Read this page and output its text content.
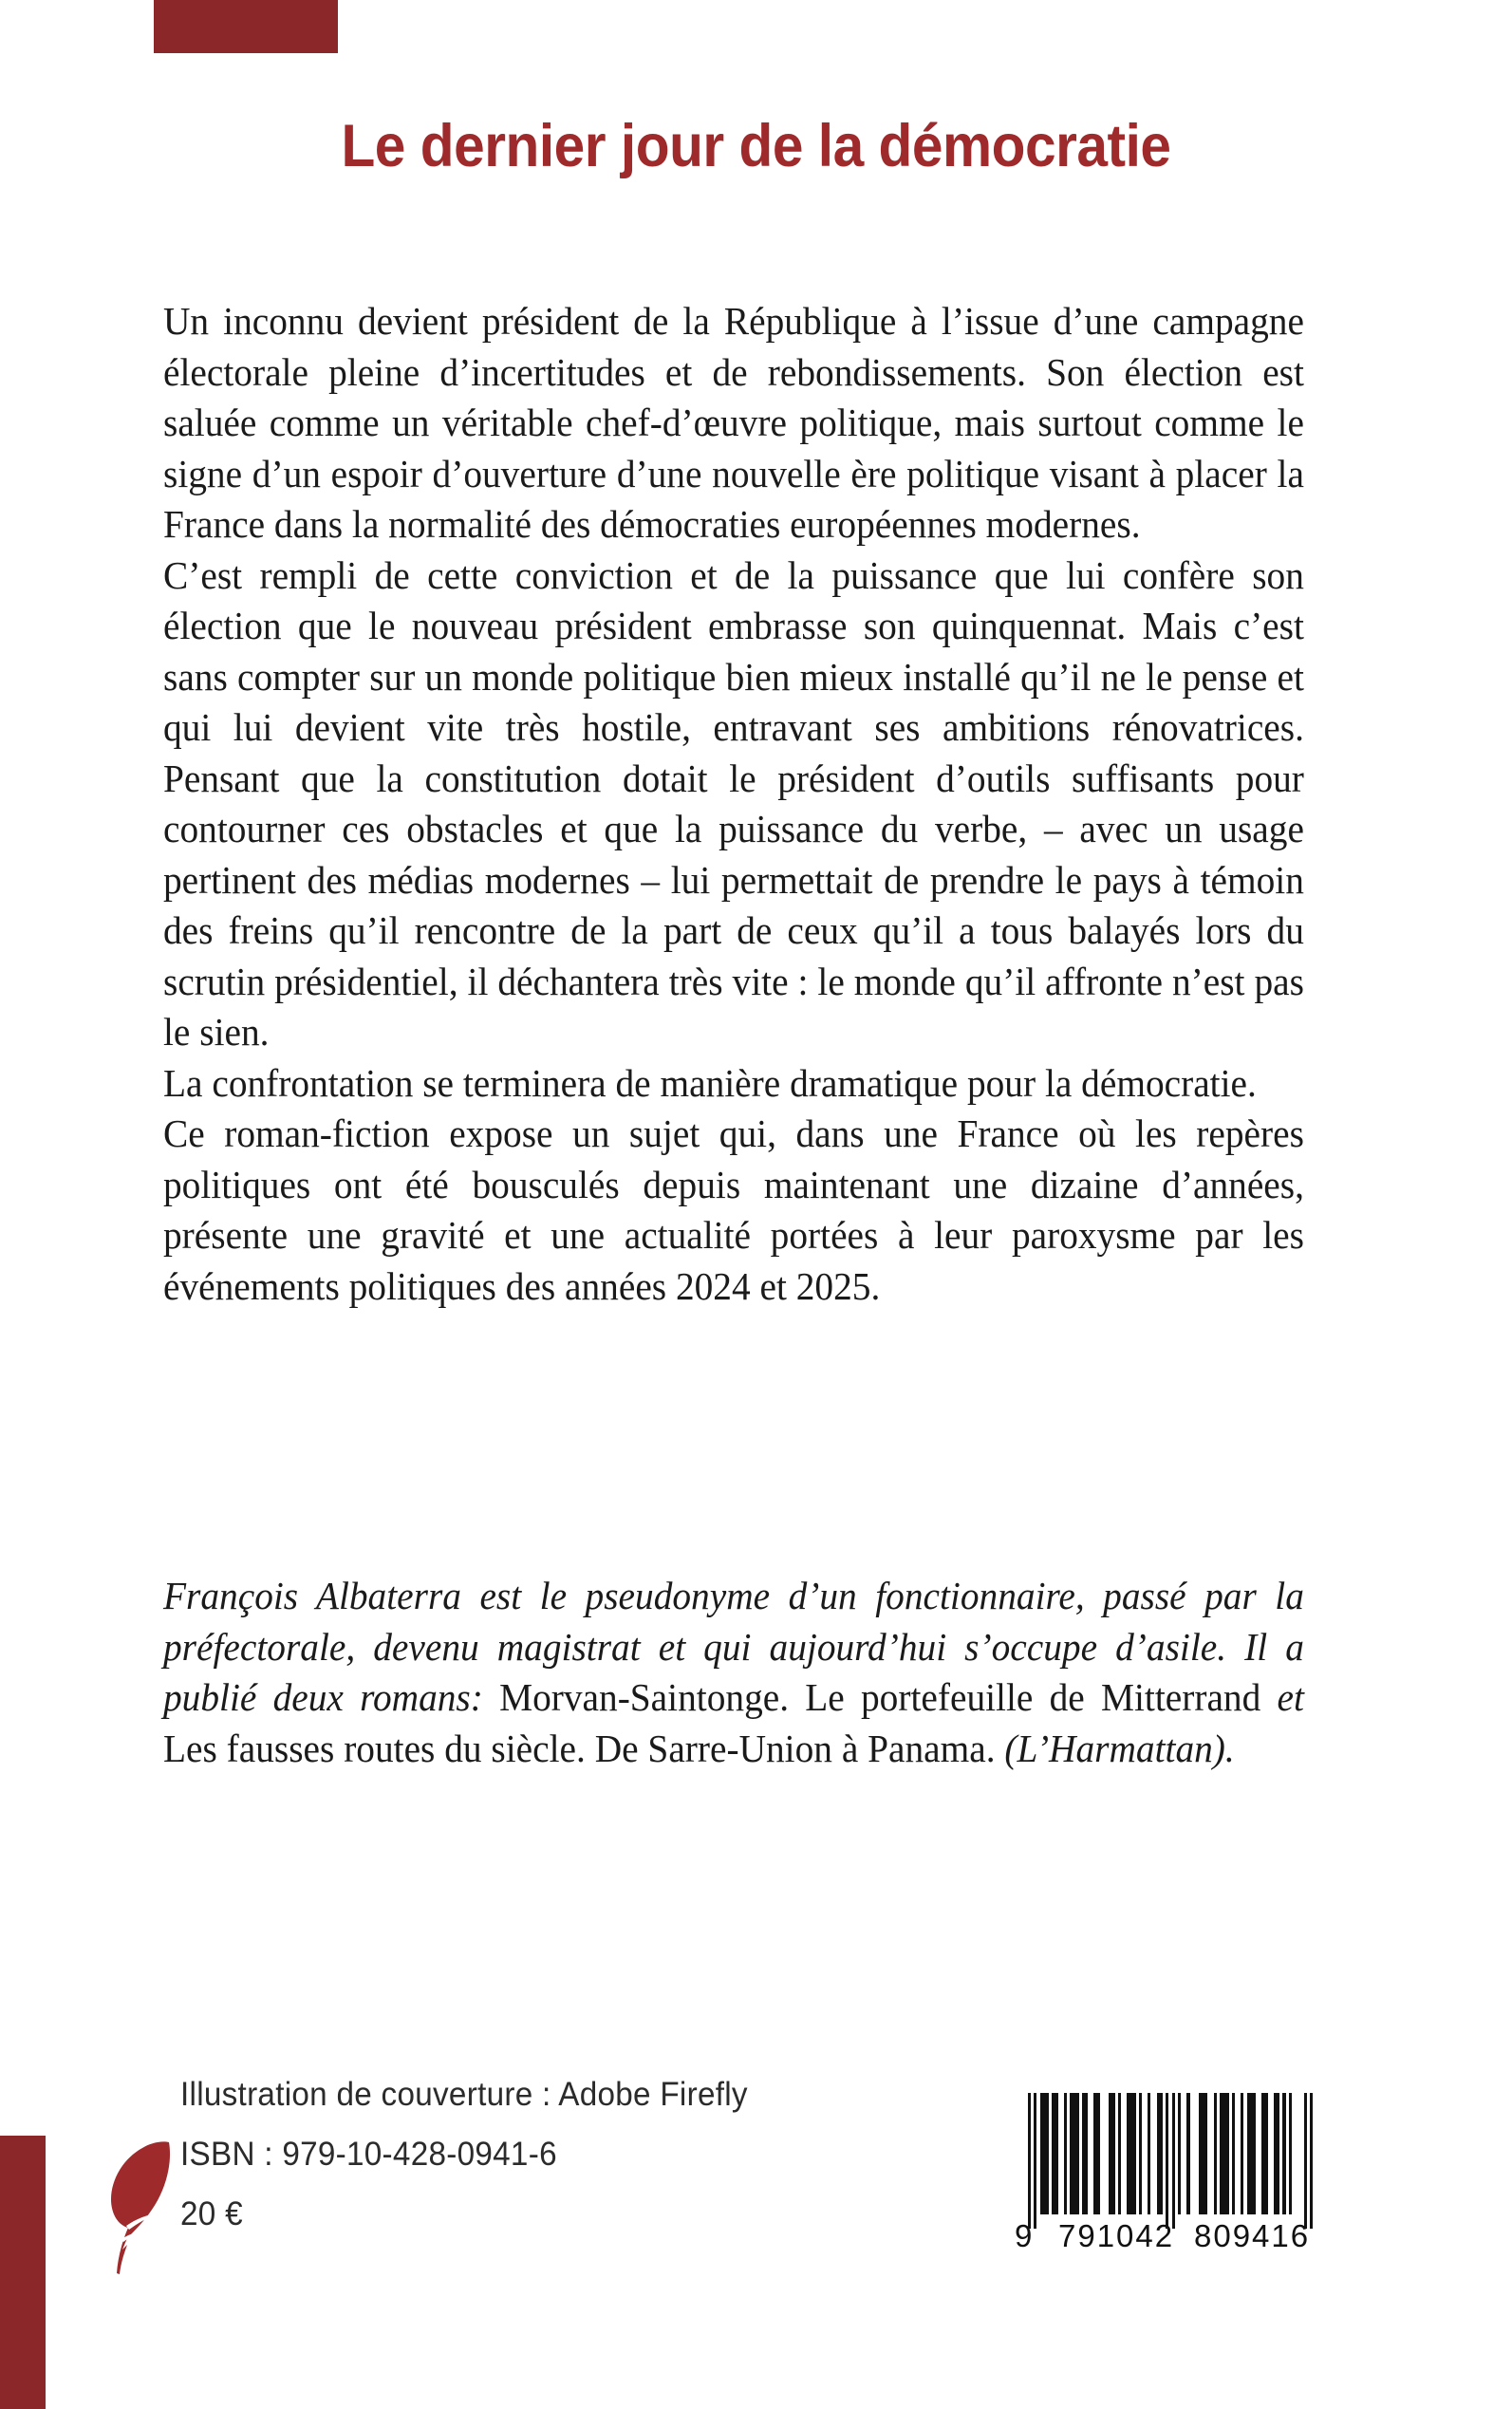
Le dernier jour de la démocratie

Un inconnu devient président de la République à l’issue d’une campagne électorale pleine d’incertitudes et de rebondissements. Son élection est saluée comme un véritable chef-d’œuvre politique, mais surtout comme le signe d’un espoir d’ouverture d’une nouvelle ère politique visant à placer la France dans la normalité des démocraties européennes modernes.

C’est rempli de cette conviction et de la puissance que lui confère son élection que le nouveau président embrasse son quinquennat. Mais c’est sans compter sur un monde politique bien mieux installé qu’il ne le pense et qui lui devient vite très hostile, entravant ses ambitions rénovatrices. Pensant que la constitution dotait le président d’outils suffisants pour contourner ces obstacles et que la puissance du verbe, – avec un usage pertinent des médias modernes – lui permettait de prendre le pays à témoin des freins qu’il rencontre de la part de ceux qu’il a tous balayés lors du scrutin présidentiel, il déchantera très vite : le monde qu’il affronte n’est pas le sien.

La confrontation se terminera de manière dramatique pour la démocratie.

Ce roman-fiction expose un sujet qui, dans une France où les repères politiques ont été bousculés depuis maintenant une dizaine d’années, présente une gravité et une actualité portées à leur paroxysme par les événements politiques des années 2024 et 2025.

François Albaterra est le pseudonyme d’un fonctionnaire, passé par la préfectorale, devenu magistrat et qui aujourd’hui s’occupe d’asile. Il a publié deux romans: Morvan-Saintonge. Le portefeuille de Mitterrand et Les fausses routes du siècle. De Sarre-Union à Panama. (L’Harmattan).

Illustration de couverture : Adobe Firefly
ISBN : 979-10-428-0941-6
20 €
9 791042 809416
